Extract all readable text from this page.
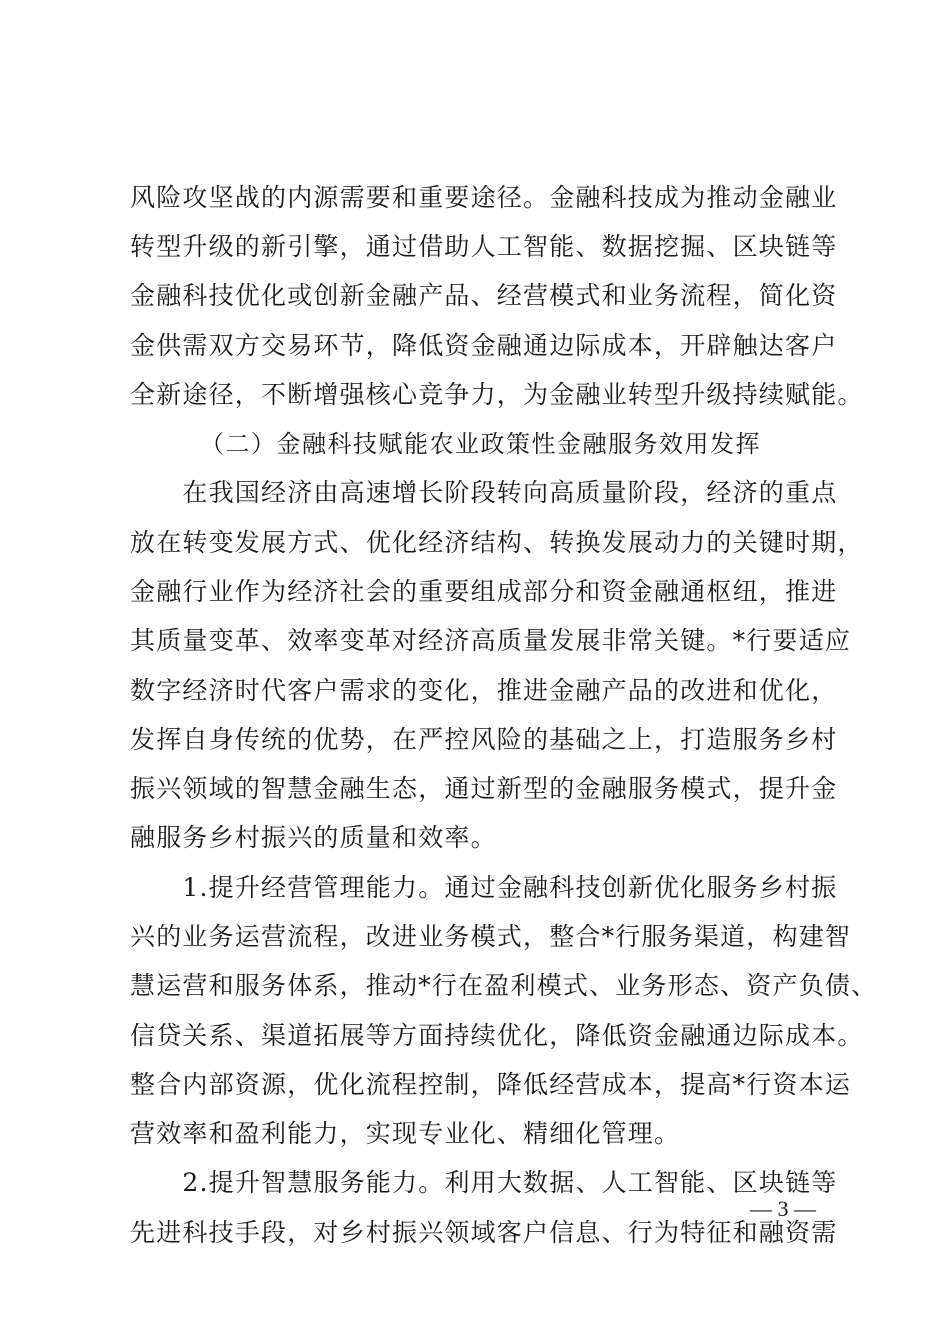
风险攻坚战的内源需要和重要途径。金融科技成为推动金融业
转型升级的新引擎，通过借助人工智能、数据挖掘、区块链等
金融科技优化或创新金融产品、经营模式和业务流程，简化资
金供需双方交易环节，降低资金融通边际成本，开辟触达客户
全新途径，不断增强核心竞争力，为金融业转型升级持续赋能。
（二）金融科技赋能农业政策性金融服务效用发挥
　　在我国经济由高速增长阶段转向高质量阶段，经济的重点
放在转变发展方式、优化经济结构、转换发展动力的关键时期，
金融行业作为经济社会的重要组成部分和资金融通枢纽，推进
其质量变革、效率变革对经济高质量发展非常关键。*行要适应
数字经济时代客户需求的变化，推进金融产品的改进和优化，
发挥自身传统的优势，在严控风险的基础之上，打造服务乡村
振兴领域的智慧金融生态，通过新型的金融服务模式，提升金
融服务乡村振兴的质量和效率。
　　1.提升经营管理能力。通过金融科技创新优化服务乡村振
兴的业务运营流程，改进业务模式，整合*行服务渠道，构建智
慧运营和服务体系，推动*行在盈利模式、业务形态、资产负债、
信贷关系、渠道拓展等方面持续优化，降低资金融通边际成本。
整合内部资源，优化流程控制，降低经营成本，提高*行资本运
营效率和盈利能力，实现专业化、精细化管理。
　　2.提升智慧服务能力。利用大数据、人工智能、区块链等
先进科技手段，对乡村振兴领域客户信息、行为特征和融资需
— 3 —
